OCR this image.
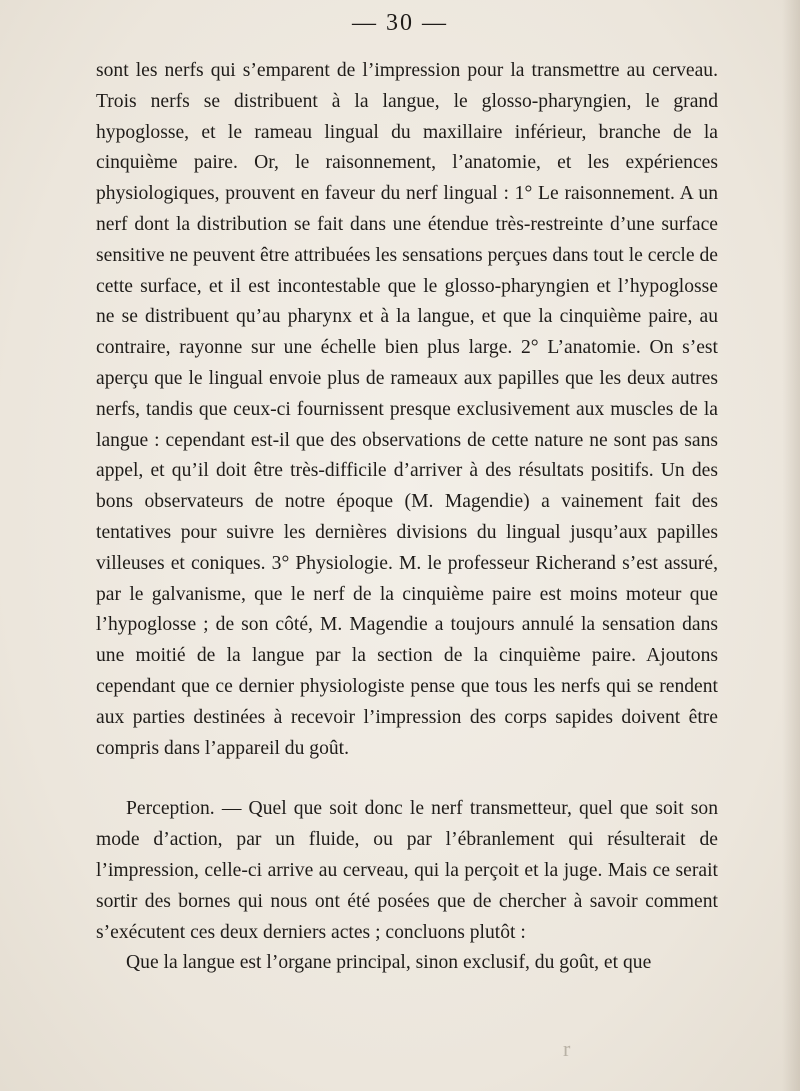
— 30 —

sont les nerfs qui s’emparent de l’impression pour la transmettre au cerveau. Trois nerfs se distribuent à la langue, le glosso-pharyngien, le grand hypoglosse, et le rameau lingual du maxillaire inférieur, branche de la cinquième paire. Or, le raisonnement, l’anatomie, et les expériences physiologiques, prouvent en faveur du nerf lingual : 1° Le raisonnement. A un nerf dont la distribution se fait dans une étendue très-restreinte d’une surface sensitive ne peuvent être attribuées les sensations perçues dans tout le cercle de cette surface, et il est incontestable que le glosso-pharyngien et l’hypoglosse ne se distribuent qu’au pharynx et à la langue, et que la cinquième paire, au contraire, rayonne sur une échelle bien plus large. 2° L’anatomie. On s’est aperçu que le lingual envoie plus de rameaux aux papilles que les deux autres nerfs, tandis que ceux-ci fournissent presque exclusivement aux muscles de la langue : cependant est-il que des observations de cette nature ne sont pas sans appel, et qu’il doit être très-difficile d’arriver à des résultats positifs. Un des bons observateurs de notre époque (M. Magendie) a vainement fait des tentatives pour suivre les dernières divisions du lingual jusqu’aux papilles villeuses et coniques. 3° Physiologie. M. le professeur Richerand s’est assuré, par le galvanisme, que le nerf de la cinquième paire est moins moteur que l’hypoglosse ; de son côté, M. Magendie a toujours annulé la sensation dans une moitié de la langue par la section de la cinquième paire. Ajoutons cependant que ce dernier physiologiste pense que tous les nerfs qui se rendent aux parties destinées à recevoir l’impression des corps sapides doivent être compris dans l’appareil du goût.

Perception. — Quel que soit donc le nerf transmetteur, quel que soit son mode d’action, par un fluide, ou par l’ébranlement qui résulterait de l’impression, celle-ci arrive au cerveau, qui la perçoit et la juge. Mais ce serait sortir des bornes qui nous ont été posées que de chercher à savoir comment s’exécutent ces deux derniers actes ; concluons plutôt :

Que la langue est l’organe principal, sinon exclusif, du goût, et que

r
